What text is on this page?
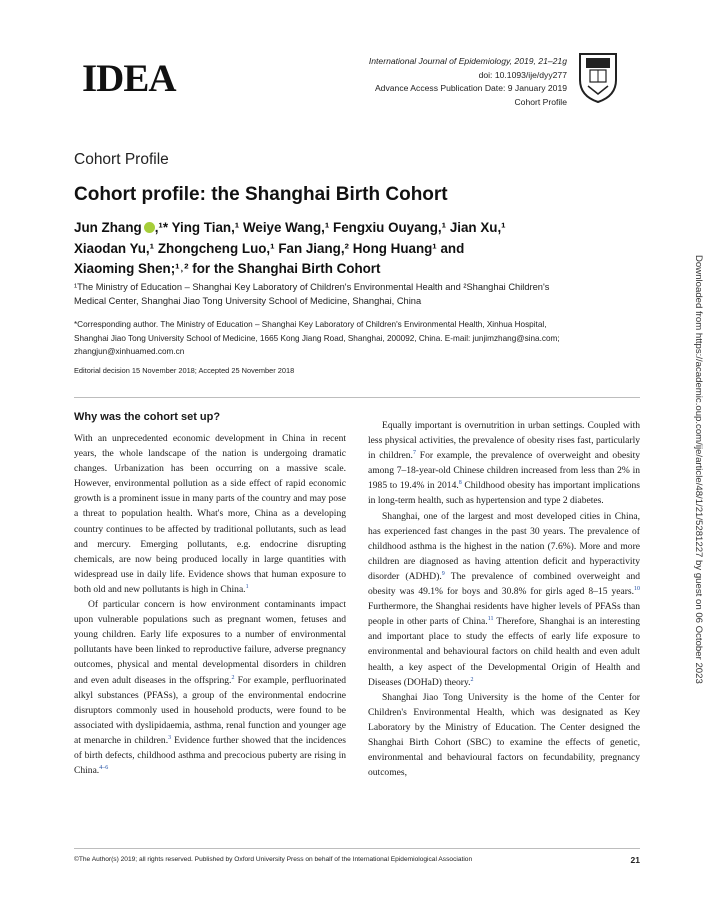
IDEA	International Journal of Epidemiology, 2019, 21–21g
doi: 10.1093/ije/dyy277
Advance Access Publication Date: 9 January 2019
Cohort Profile
Cohort Profile
Cohort profile: the Shanghai Birth Cohort
Jun Zhang ,¹* Ying Tian,¹ Weiye Wang,¹ Fengxiu Ouyang,¹ Jian Xu,¹
Xiaodan Yu,¹ Zhongcheng Luo,¹ Fan Jiang,² Hong Huang¹ and
Xiaoming Shen;¹˒² for the Shanghai Birth Cohort
¹The Ministry of Education – Shanghai Key Laboratory of Children's Environmental Health and ²Shanghai Children's Medical Center, Shanghai Jiao Tong University School of Medicine, Shanghai, China
*Corresponding author. The Ministry of Education – Shanghai Key Laboratory of Children's Environmental Health, Xinhua Hospital, Shanghai Jiao Tong University School of Medicine, 1665 Kong Jiang Road, Shanghai, 200092, China. E-mail: junjimzhang@sina.com; zhangjun@xinhuamed.com.cn
Editorial decision 15 November 2018; Accepted 25 November 2018
Why was the cohort set up?

With an unprecedented economic development in China in recent years, the whole landscape of the nation is undergoing dramatic changes. Urbanization has been occurring on a massive scale. However, environmental pollution as a side effect of rapid economic growth is a prominent issue in many parts of the country and may pose a threat to population health. What's more, China as a developing country continues to be affected by traditional pollutants, such as lead and mercury. Emerging pollutants, e.g. endocrine disrupting chemicals, are now being produced locally in large quantities with widespread use in daily life. Evidence shows that human exposure to both old and new pollutants is high in China.$^1$

Of particular concern is how environment contaminants impact upon vulnerable populations such as pregnant women, fetuses and young children. Early life exposures to a number of environmental pollutants have been linked to reproductive failure, adverse pregnancy outcomes, physical and mental developmental disorders in children and even adult diseases in the offspring.$^2$ For example, perfluorinated alkyl substances (PFASs), a group of the environmental endocrine disruptors commonly used in household products, were found to be associated with dyslipidaemia, asthma, renal function and younger age at menarche in children.$^3$ Evidence further showed that the incidences of birth defects, childhood asthma and precocious puberty are rising in China.$^{4-6}$

Equally important is overnutrition in urban settings. Coupled with less physical activities, the prevalence of obesity rises fast, particularly in children.$^7$ For example, the prevalence of overweight and obesity among 7–18-year-old Chinese children increased from less than 2% in 1985 to 19.4% in 2014.$^8$ Childhood obesity has important implications in long-term health, such as hypertension and type 2 diabetes.

Shanghai, one of the largest and most developed cities in China, has experienced fast changes in the past 30 years. The prevalence of childhood asthma is the highest in the nation (7.6%). More and more children are diagnosed as having attention deficit and hyperactivity disorder (ADHD).$^9$ The prevalence of combined overweight and obesity was 49.1% for boys and 30.8% for girls aged 8–15 years.$^{10}$ Furthermore, the Shanghai residents have higher levels of PFASs than people in other parts of China.$^{11}$ Therefore, Shanghai is an interesting and important place to study the effects of early life exposure to environmental and behavioural factors on child health and even adult health, a key aspect of the Developmental Origin of Health and Diseases (DOHaD) theory.$^2$

Shanghai Jiao Tong University is the home of the Center for Children's Environmental Health, which was designated as Key Laboratory by the Ministry of Education. The Center designed the Shanghai Birth Cohort (SBC) to examine the effects of genetic, environmental and behavioural factors on fecundability, pregnancy outcomes,

Downloaded from https://academic.oup.com/ije/article/48/1/21/5281227 by guest on 06 October 2023
©The Author(s) 2019; all rights reserved. Published by Oxford University Press on behalf of the International Epidemiological Association	21
